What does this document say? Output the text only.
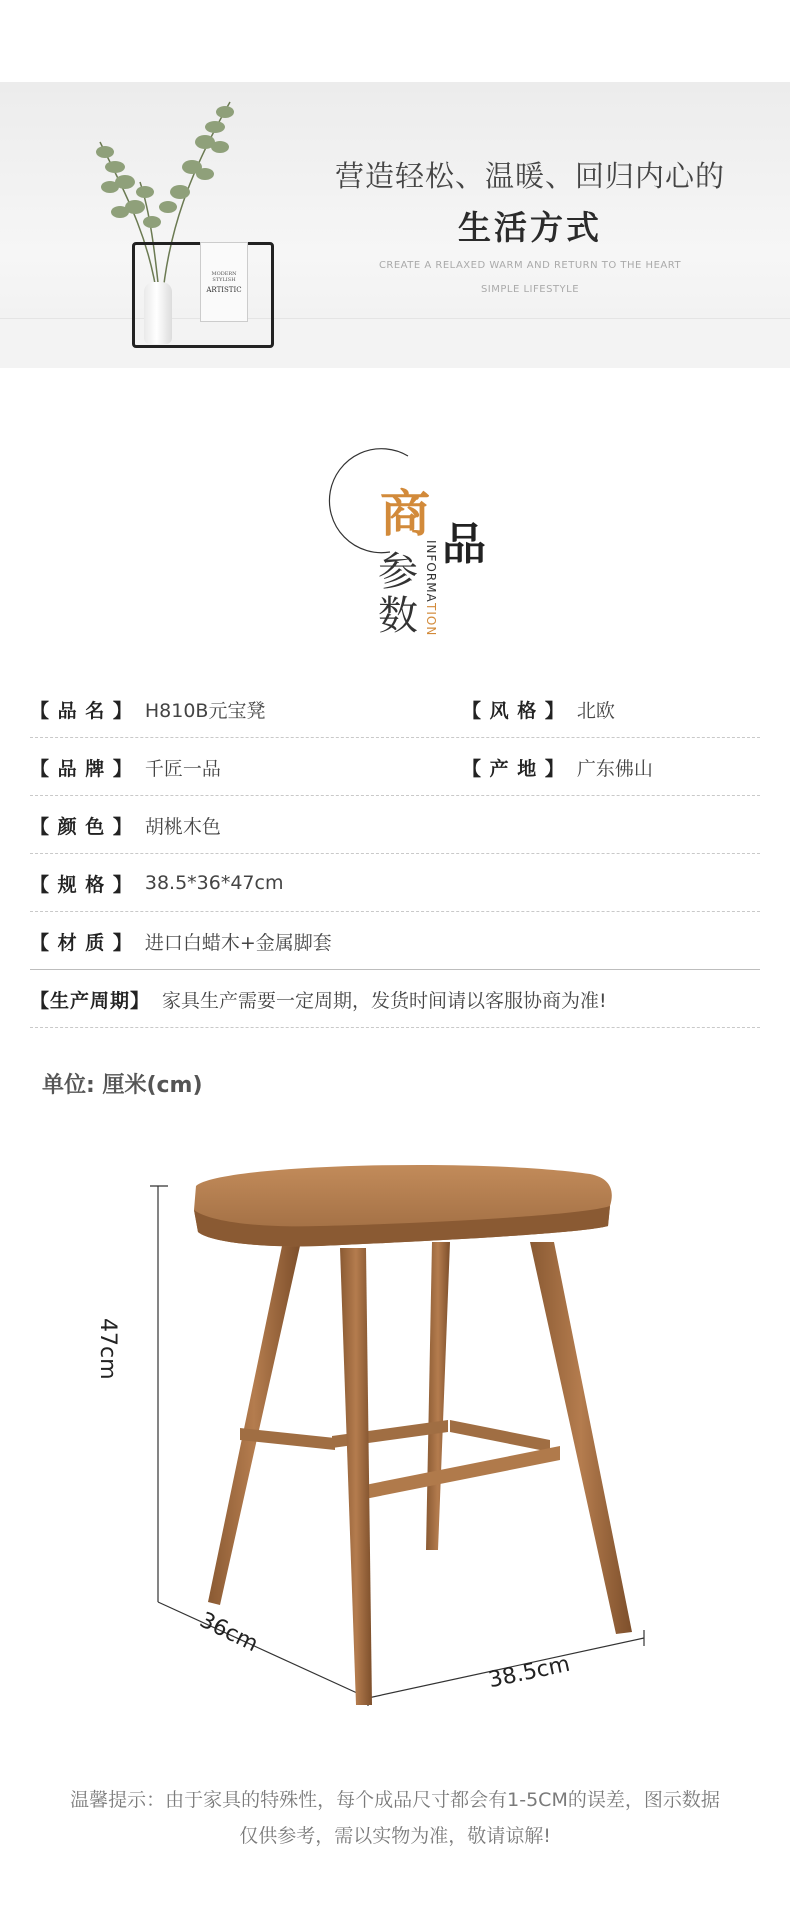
MODERN STYLISH
ARTISTIC
营造轻松、温暖、回归内心的
生活方式
CREATE A RELAXED WARM AND RETURN TO THE HEART
SIMPLE LIFESTYLE
商
品
参
数
INFORMA
TION
【 品 名 】 H810B元宝凳	【 风 格 】 北欧
【 品 牌 】 千匠一品	【 产 地 】 广东佛山
【 颜 色 】 胡桃木色
【 规 格 】 38.5*36*47cm
【 材 质 】 进口白蜡木+金属脚套
【生产周期】 家具生产需要一定周期，发货时间请以客服协商为准!
单位: 厘米(cm)
47cm
36cm
38.5cm
温馨提示：由于家具的特殊性，每个成品尺寸都会有1-5CM的误差，图示数据
仅供参考，需以实物为准，敬请谅解!
